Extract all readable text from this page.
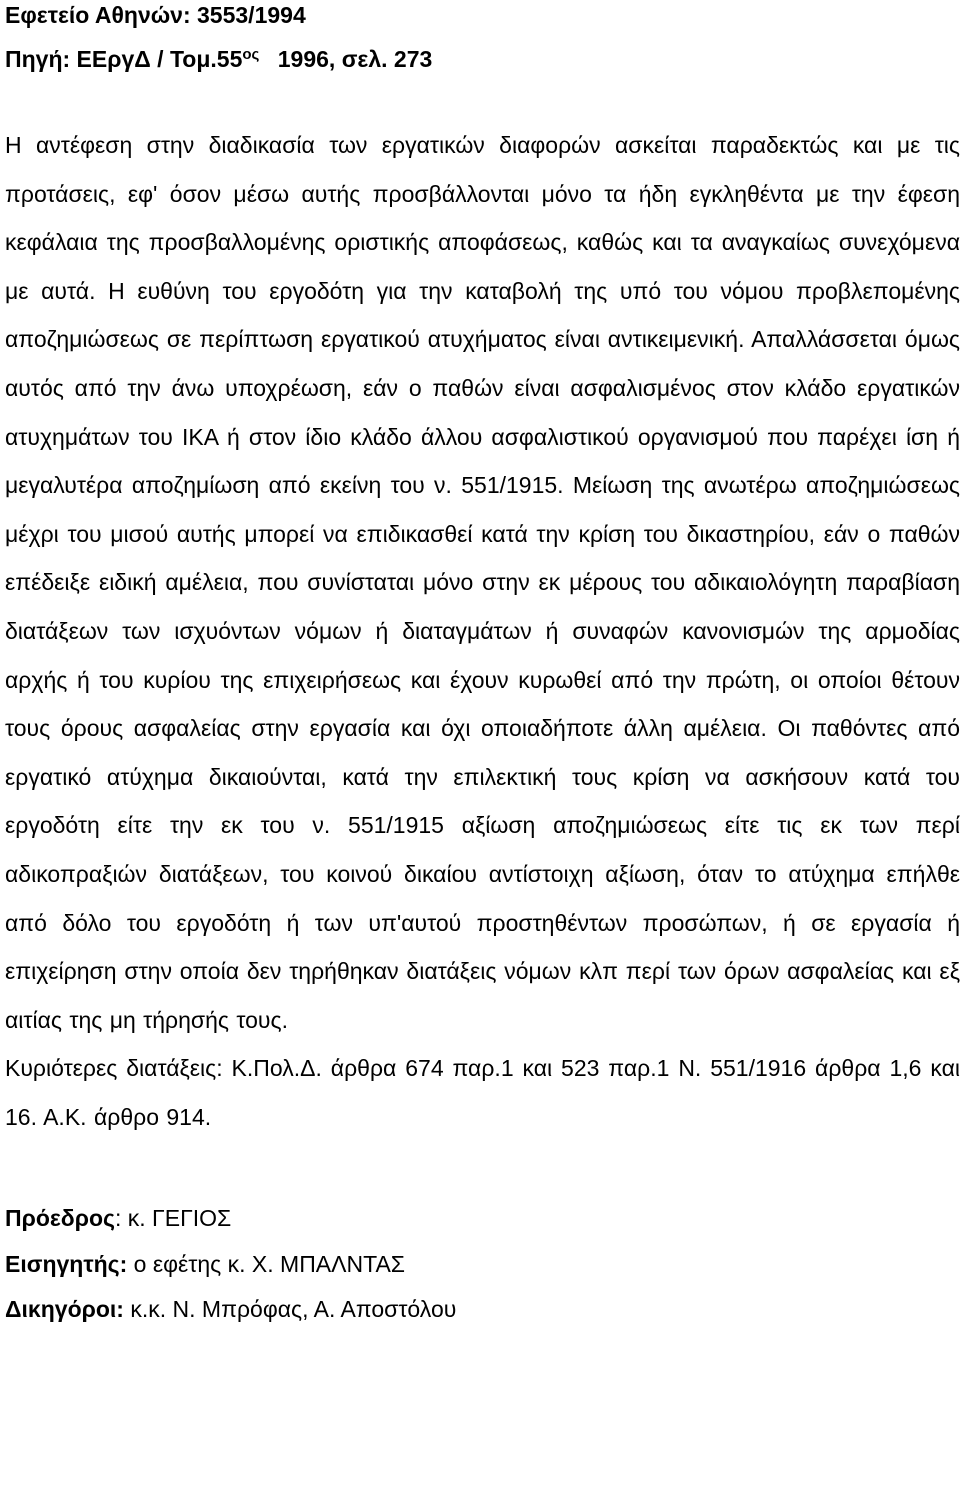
Εφετείο Αθηνών: 3553/1994
Πηγή: ΕΕργΔ / $To\mu.55^{o\varsigma}$ 1996, σελ. 273

Η αντέφεση στην διαδικασία των εργατικών διαφορών ασκείται παραδεκτώς και με τις προτάσεις, εφ' όσον μέσω αυτής προσβάλλονται μόνο τα ήδη εγκληθέντα με την έφεση κεφάλαια της προσβαλλομένης οριστικής αποφάσεως, καθώς και τα αναγκαίως συνεχόμενα με αυτά. Η ευθύνη του εργοδότη για την καταβολή της υπό του νόμου προβλεπομένης αποζημιώσεως σε περίπτωση εργατικού ατυχήματος είναι αντικειμενική. Απαλλάσσεται όμως αυτός από την άνω υποχρέωση, εάν ο παθών είναι ασφαλισμένος στον κλάδο εργατικών ατυχημάτων του ΙΚΑ ή στον ίδιο κλάδο άλλου ασφαλιστικού οργανισμού που παρέχει ίση ή μεγαλυτέρα αποζημίωση από εκείνη του ν. 551/1915. Μείωση της ανωτέρω αποζημιώσεως μέχρι του μισού αυτής μπορεί να επιδικασθεί κατά την κρίση του δικαστηρίου, εάν ο παθών επέδειξε ειδική αμέλεια, που συνίσταται μόνο στην εκ μέρους του αδικαιολόγητη παραβίαση διατάξεων των ισχυόντων νόμων ή διαταγμάτων ή συναφών κανονισμών της αρμοδίας αρχής ή του κυρίου της επιχειρήσεως και έχουν κυρωθεί από την πρώτη, οι οποίοι θέτουν τους όρους ασφαλείας στην εργασία και όχι οποιαδήποτε άλλη αμέλεια. Οι παθόντες από εργατικό ατύχημα δικαιούνται, κατά την επιλεκτική τους κρίση να ασκήσουν κατά του εργοδότη είτε την εκ του ν. 551/1915 αξίωση αποζημιώσεως είτε τις εκ των περί αδικοπραξιών διατάξεων, του κοινού δικαίου αντίστοιχη αξίωση, όταν το ατύχημα επήλθε από δόλο του εργοδότη ή των υπ'αυτού προστηθέντων προσώπων, ή σε εργασία ή επιχείρηση στην οποία δεν τηρήθηκαν διατάξεις νόμων κλπ περί των όρων ασφαλείας και εξ αιτίας της μη τήρησής τους.

Κυριότερες διατάξεις: Κ.Πολ.Δ. άρθρα 674 παρ.1 και 523 παρ.1 Ν. 551/1916 άρθρα 1,6 και 16. Α.Κ. άρθρο 914.

Πρόεδρος: κ. ΓΕΓΙΟΣ
Εισηγητής: ο εφέτης κ. Χ. ΜΠΑΛΝΤΑΣ
Δικηγόροι: κ.κ. Ν. Μπρόφας, Α. Αποστόλου
